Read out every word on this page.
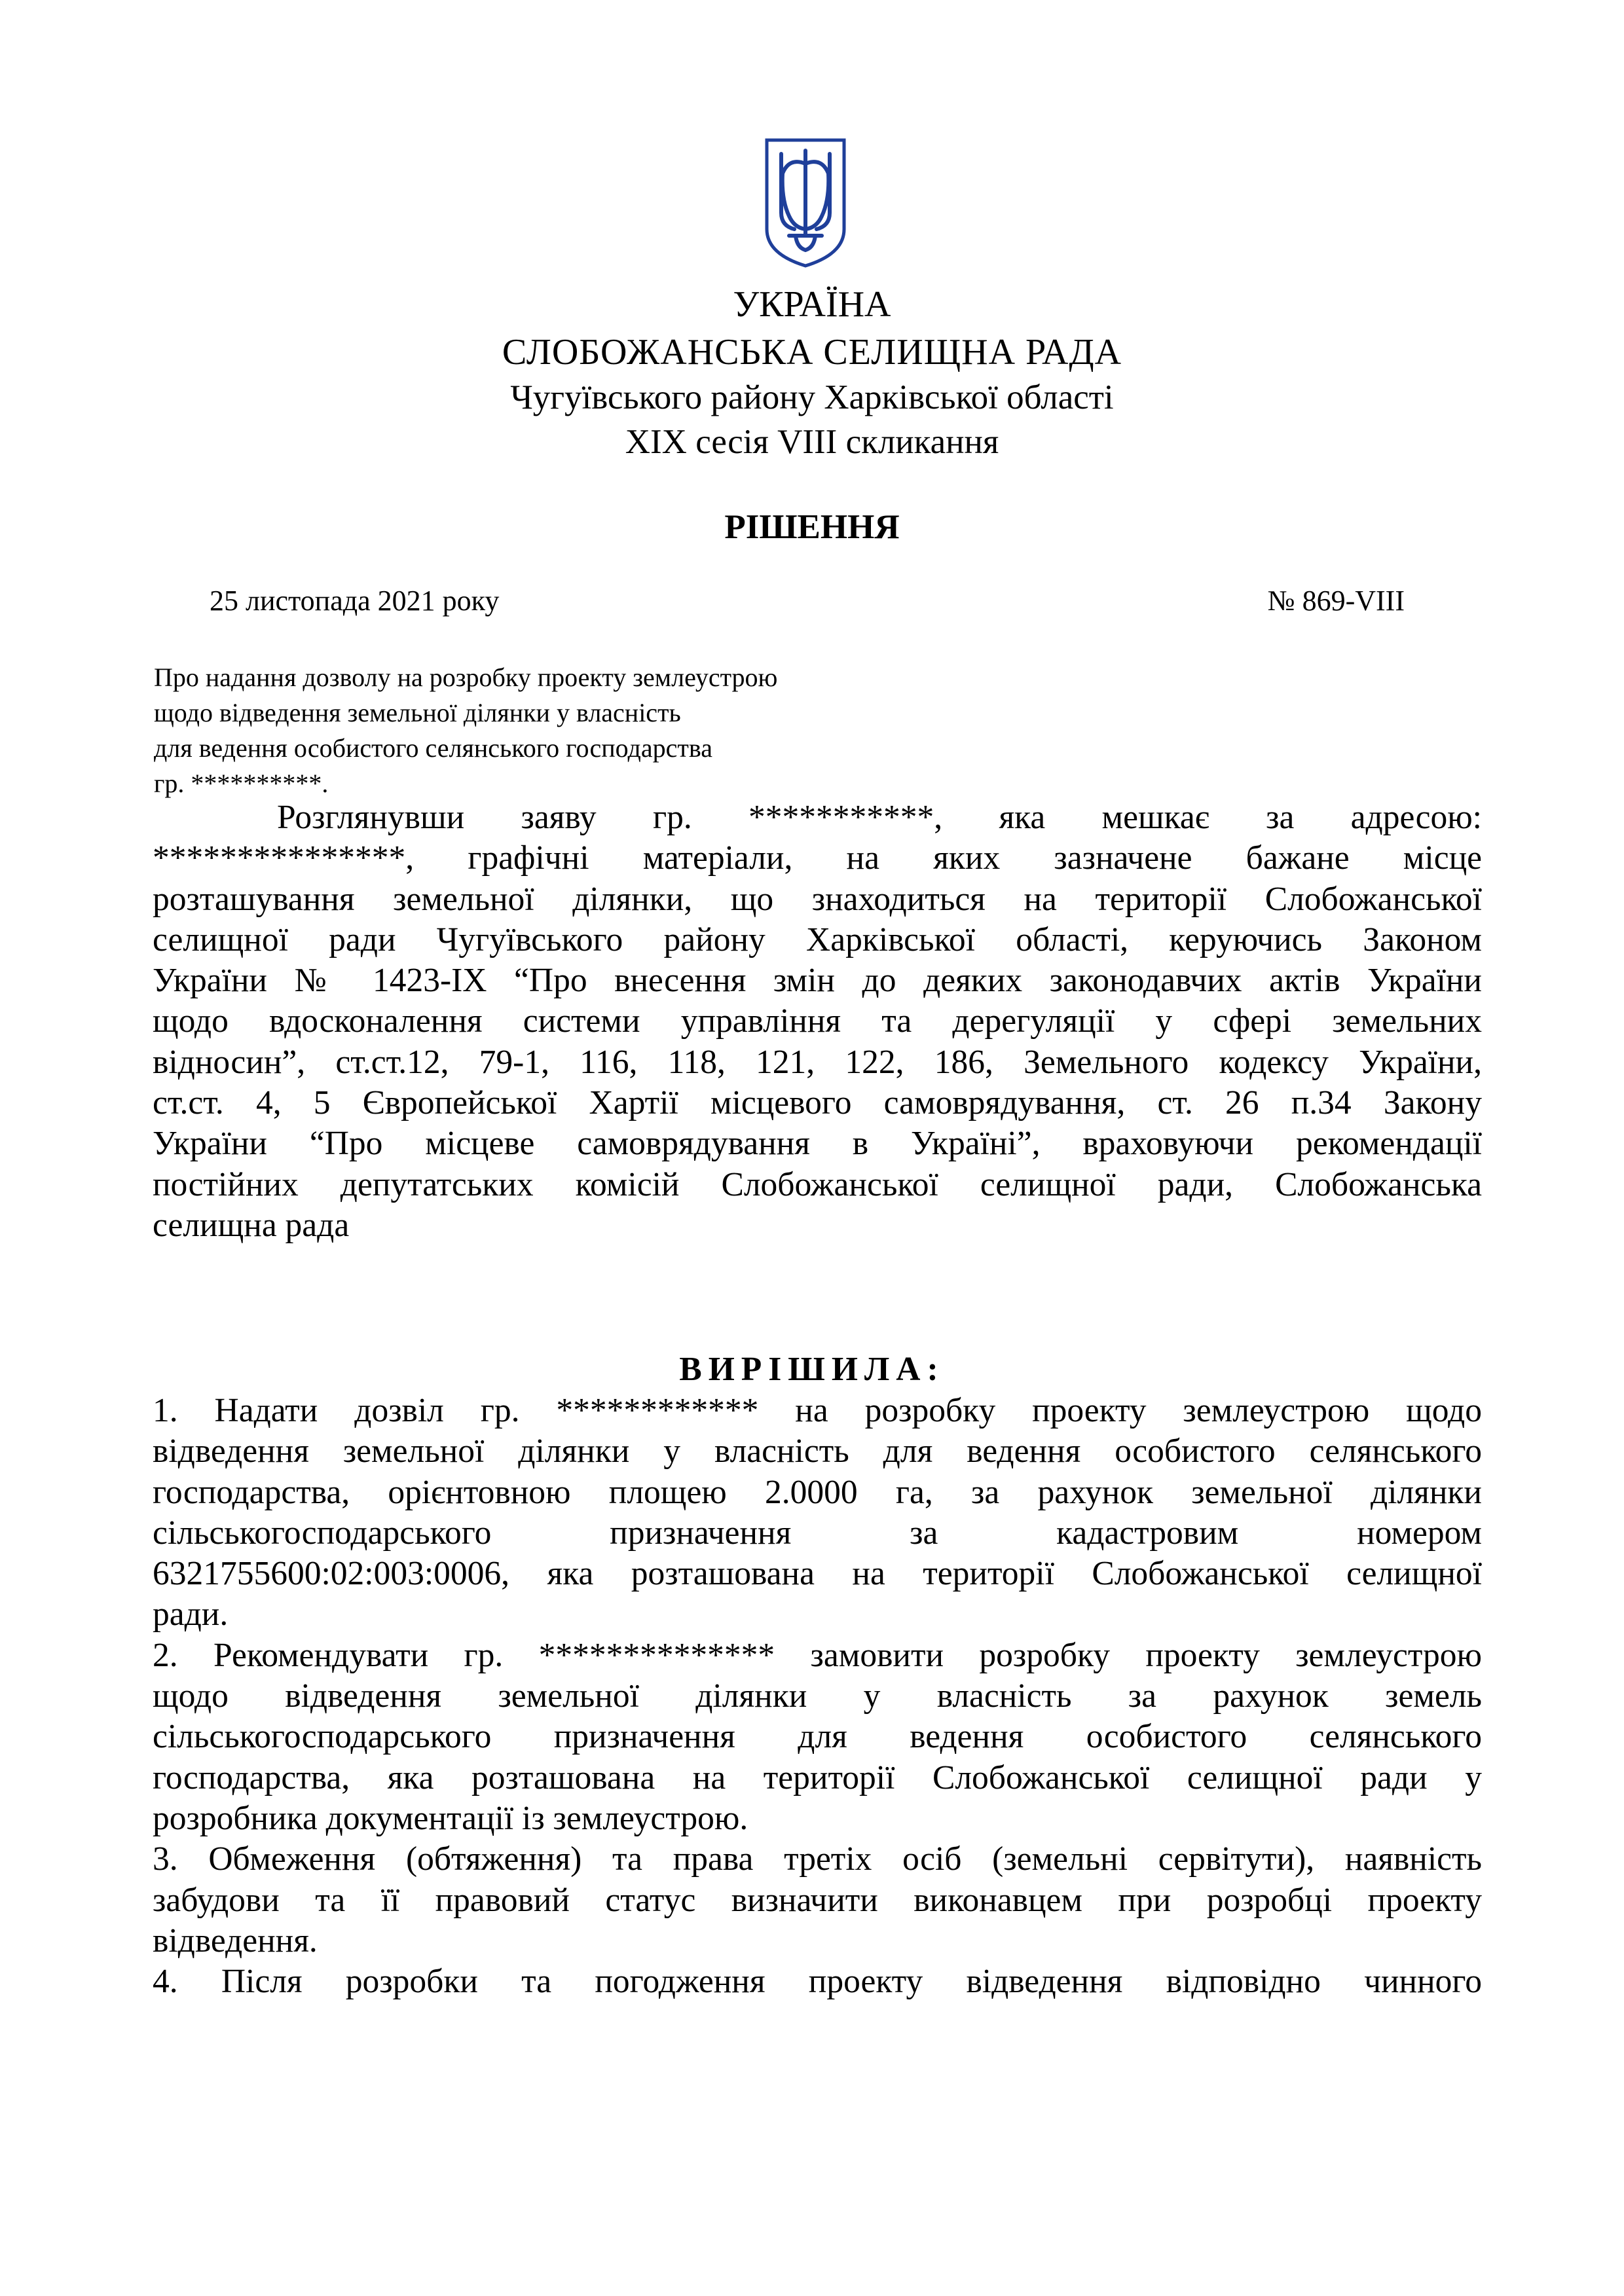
УКРАЇНА
СЛОБОЖАНСЬКА СЕЛИЩНА РАДА
Чугуївського району Харківської області
XIX сесія VIII скликання
РІШЕННЯ
25 листопада 2021 року	№ 869-VIII
Про надання дозволу на розробку проекту землеустрою
щодо відведення земельної ділянки у власність
для ведення особистого селянського господарства
гр. **********.
Розглянувши заяву гр. ***********, яка мешкає за адресою:
***************, графічні матеріали, на яких зазначене бажане місце
розташування земельної ділянки, що знаходиться на території Слобожанської
селищної ради Чугуївського району Харківської області, керуючись Законом
України № 1423-IX “Про внесення змін до деяких законодавчих актів України
щодо вдосконалення системи управління та дерегуляції у сфері земельних
відносин”, ст.ст.12, 79-1, 116, 118, 121, 122, 186, Земельного кодексу України,
ст.ст. 4, 5 Європейської Хартії місцевого самоврядування, ст. 26 п.34 Закону
України “Про місцеве самоврядування в Україні”, враховуючи рекомендації
постійних депутатських комісій Слобожанської селищної ради, Слобожанська
селищна рада
ВИРІШИЛА:
1. Надати дозвіл гр. ************ на розробку проекту землеустрою щодо
відведення земельної ділянки у власність для ведення особистого селянського
господарства, орієнтовною площею 2.0000 га, за рахунок земельної ділянки
сільськогосподарського призначення за кадастровим номером
6321755600:02:003:0006, яка розташована на території Слобожанської селищної
ради.
2. Рекомендувати гр. ************** замовити розробку проекту землеустрою
щодо відведення земельної ділянки у власність за рахунок земель
сільськогосподарського призначення для ведення особистого селянського
господарства, яка розташована на території Слобожанської селищної ради у
розробника документації із землеустрою.
3. Обмеження (обтяження) та права третіх осіб (земельні сервітути), наявність
забудови та її правовий статус визначити виконавцем при розробці проекту
відведення.
4. Після розробки та погодження проекту відведення відповідно чинного
